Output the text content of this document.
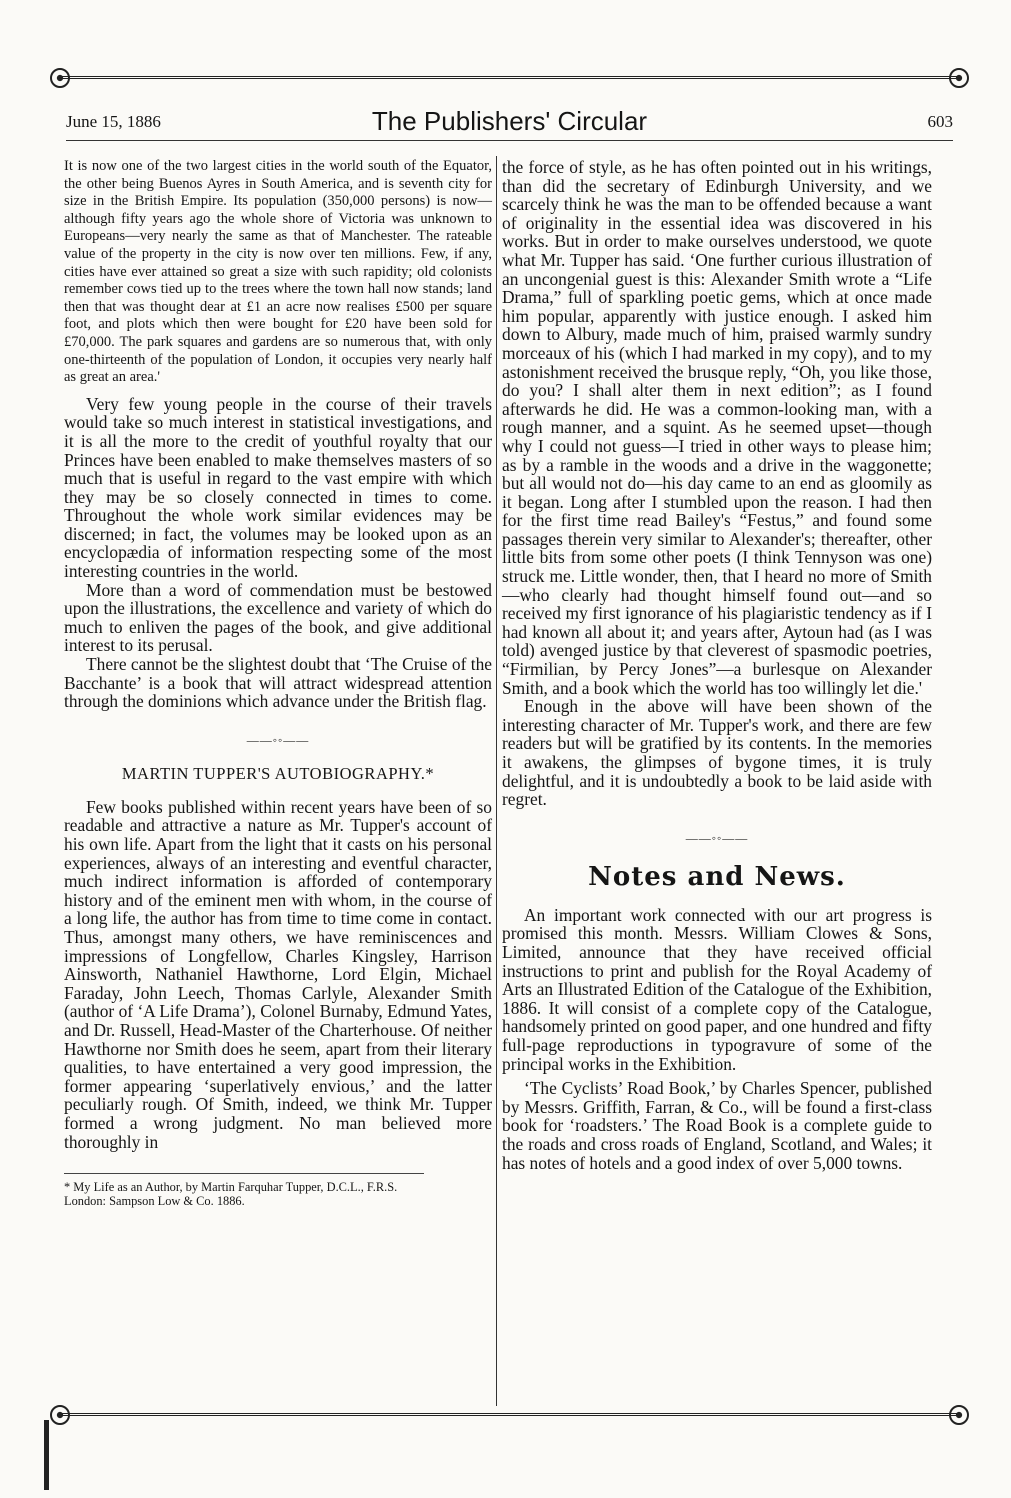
June 15, 1886	The Publishers' Circular	603

It is now one of the two largest cities in the world south of the Equator, the other being Buenos Ayres in South America, and is seventh city for size in the British Empire. Its population (350,000 persons) is now—although fifty years ago the whole shore of Victoria was unknown to Europeans—very nearly the same as that of Manchester. The rateable value of the property in the city is now over ten millions. Few, if any, cities have ever attained so great a size with such rapidity; old colonists remember cows tied up to the trees where the town hall now stands; land then that was thought dear at £1 an acre now realises £500 per square foot, and plots which then were bought for £20 have been sold for £70,000. The park squares and gardens are so numerous that, with only one-thirteenth of the population of London, it occupies very nearly half as great an area.'

Very few young people in the course of their travels would take so much interest in statistical investigations, and it is all the more to the credit of youthful royalty that our Princes have been enabled to make themselves masters of so much that is useful in regard to the vast empire with which they may be so closely connected in times to come. Throughout the whole work similar evidences may be discerned; in fact, the volumes may be looked upon as an encyclopædia of information respecting some of the most interesting countries in the world.

More than a word of commendation must be bestowed upon the illustrations, the excellence and variety of which do much to enliven the pages of the book, and give additional interest to its perusal.

There cannot be the slightest doubt that ‘The Cruise of the Bacchante’ is a book that will attract widespread attention through the dominions which advance under the British flag.

——◦◦——
MARTIN TUPPER'S AUTOBIOGRAPHY.*

Few books published within recent years have been of so readable and attractive a nature as Mr. Tupper's account of his own life. Apart from the light that it casts on his personal experiences, always of an interesting and eventful character, much indirect information is afforded of contemporary history and of the eminent men with whom, in the course of a long life, the author has from time to time come in contact. Thus, amongst many others, we have reminiscences and impressions of Longfellow, Charles Kingsley, Harrison Ainsworth, Nathaniel Hawthorne, Lord Elgin, Michael Faraday, John Leech, Thomas Carlyle, Alexander Smith (author of ‘A Life Drama’), Colonel Burnaby, Edmund Yates, and Dr. Russell, Head-Master of the Charterhouse. Of neither Hawthorne nor Smith does he seem, apart from their literary qualities, to have entertained a very good impression, the former appearing ‘superlatively envious,’ and the latter peculiarly rough. Of Smith, indeed, we think Mr. Tupper formed a wrong judgment. No man believed more thoroughly in

* My Life as an Author, by Martin Farquhar Tupper, D.C.L., F.R.S. London: Sampson Low & Co. 1886.

the force of style, as he has often pointed out in his writings, than did the secretary of Edinburgh University, and we scarcely think he was the man to be offended because a want of originality in the essential idea was discovered in his works. But in order to make ourselves understood, we quote what Mr. Tupper has said. ‘One further curious illustration of an uncongenial guest is this: Alexander Smith wrote a “Life Drama,” full of sparkling poetic gems, which at once made him popular, apparently with justice enough. I asked him down to Albury, made much of him, praised warmly sundry morceaux of his (which I had marked in my copy), and to my astonishment received the brusque reply, “Oh, you like those, do you? I shall alter them in next edition”; as I found afterwards he did. He was a common-looking man, with a rough manner, and a squint. As he seemed upset—though why I could not guess—I tried in other ways to please him; as by a ramble in the woods and a drive in the waggonette; but all would not do—his day came to an end as gloomily as it began. Long after I stumbled upon the reason. I had then for the first time read Bailey's “Festus,” and found some passages therein very similar to Alexander's; thereafter, other little bits from some other poets (I think Tennyson was one) struck me. Little wonder, then, that I heard no more of Smith—who clearly had thought himself found out—and so received my first ignorance of his plagiaristic tendency as if I had known all about it; and years after, Aytoun had (as I was told) avenged justice by that cleverest of spasmodic poetries, “Firmilian, by Percy Jones”—a burlesque on Alexander Smith, and a book which the world has too willingly let die.'

Enough in the above will have been shown of the interesting character of Mr. Tupper's work, and there are few readers but will be gratified by its contents. In the memories it awakens, the glimpses of bygone times, it is truly delightful, and it is undoubtedly a book to be laid aside with regret.

——◦◦——
Notes and News.

An important work connected with our art progress is promised this month. Messrs. William Clowes & Sons, Limited, announce that they have received official instructions to print and publish for the Royal Academy of Arts an Illustrated Edition of the Catalogue of the Exhibition, 1886. It will consist of a complete copy of the Catalogue, handsomely printed on good paper, and one hundred and fifty full-page reproductions in typogravure of some of the principal works in the Exhibition.

‘The Cyclists’ Road Book,’ by Charles Spencer, published by Messrs. Griffith, Farran, & Co., will be found a first-class book for ‘roadsters.’ The Road Book is a complete guide to the roads and cross roads of England, Scotland, and Wales; it has notes of hotels and a good index of over 5,000 towns.
